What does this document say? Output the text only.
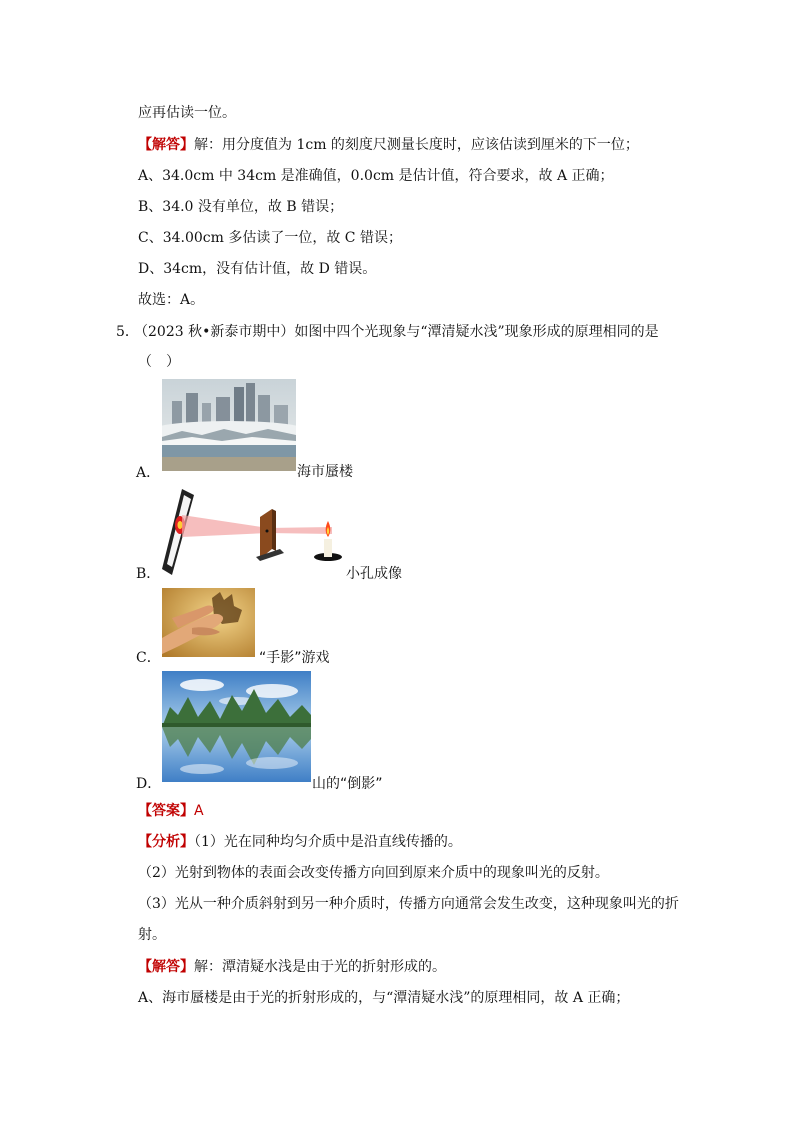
应再估读一位。
【解答】解：用分度值为 1cm 的刻度尺测量长度时，应该估读到厘米的下一位；
A、34.0cm 中 34cm 是准确值，0.0cm 是估计值，符合要求，故 A 正确；
B、34.0 没有单位，故 B 错误；
C、34.00cm 多估读了一位，故 C 错误；
D、34cm，没有估计值，故 D 错误。
故选：A。
5．
（2023 秋•新泰市期中）如图中四个光现象与“潭清疑水浅”现象形成的原理相同的是
（　）
A．	海市蜃楼
B．	小孔成像
C．	“手影”游戏
D．	山的“倒影”
【答案】A
【分析】（1）光在同种均匀介质中是沿直线传播的。
（2）光射到物体的表面会改变传播方向回到原来介质中的现象叫光的反射。
（3）光从一种介质斜射到另一种介质时，传播方向通常会发生改变，这种现象叫光的折
射。
【解答】解：潭清疑水浅是由于光的折射形成的。
A、海市蜃楼是由于光的折射形成的，与“潭清疑水浅”的原理相同，故 A 正确；
